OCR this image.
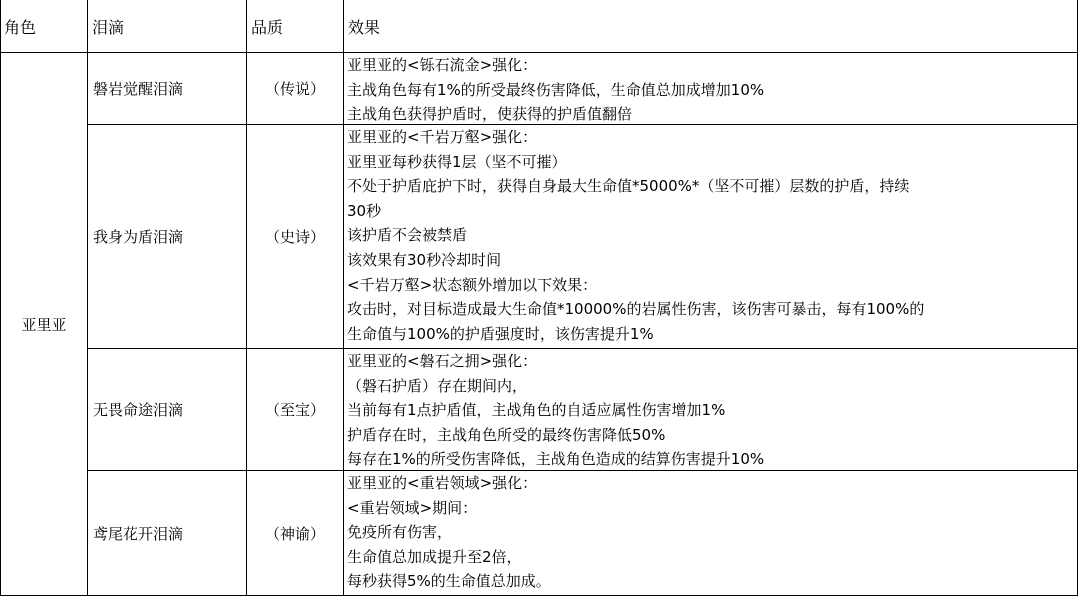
角色	泪滴	品质	效果
亚里亚
磐岩觉醒泪滴	（传说）
亚里亚的<铄石流金>强化：
主战角色每有1%的所受最终伤害降低，生命值总加成增加10%
主战角色获得护盾时，使获得的护盾值翻倍
我身为盾泪滴	（史诗）
亚里亚的<千岩万壑>强化：
亚里亚每秒获得1层（坚不可摧）
不处于护盾庇护下时，获得自身最大生命值*5000%*（坚不可摧）层数的护盾，持续
30秒
该护盾不会被禁盾
该效果有30秒冷却时间
<千岩万壑>状态额外增加以下效果：
攻击时，对目标造成最大生命值*10000%的岩属性伤害，该伤害可暴击，每有100%的
生命值与100%的护盾强度时，该伤害提升1%
无畏命途泪滴	（至宝）
亚里亚的<磐石之拥>强化：
（磐石护盾）存在期间内，
当前每有1点护盾值，主战角色的自适应属性伤害增加1%
护盾存在时，主战角色所受的最终伤害降低50%
每存在1%的所受伤害降低，主战角色造成的结算伤害提升10%
鸢尾花开泪滴	（神谕）
亚里亚的<重岩领域>强化：
<重岩领域>期间：
免疫所有伤害，
生命值总加成提升至2倍，
每秒获得5%的生命值总加成。
